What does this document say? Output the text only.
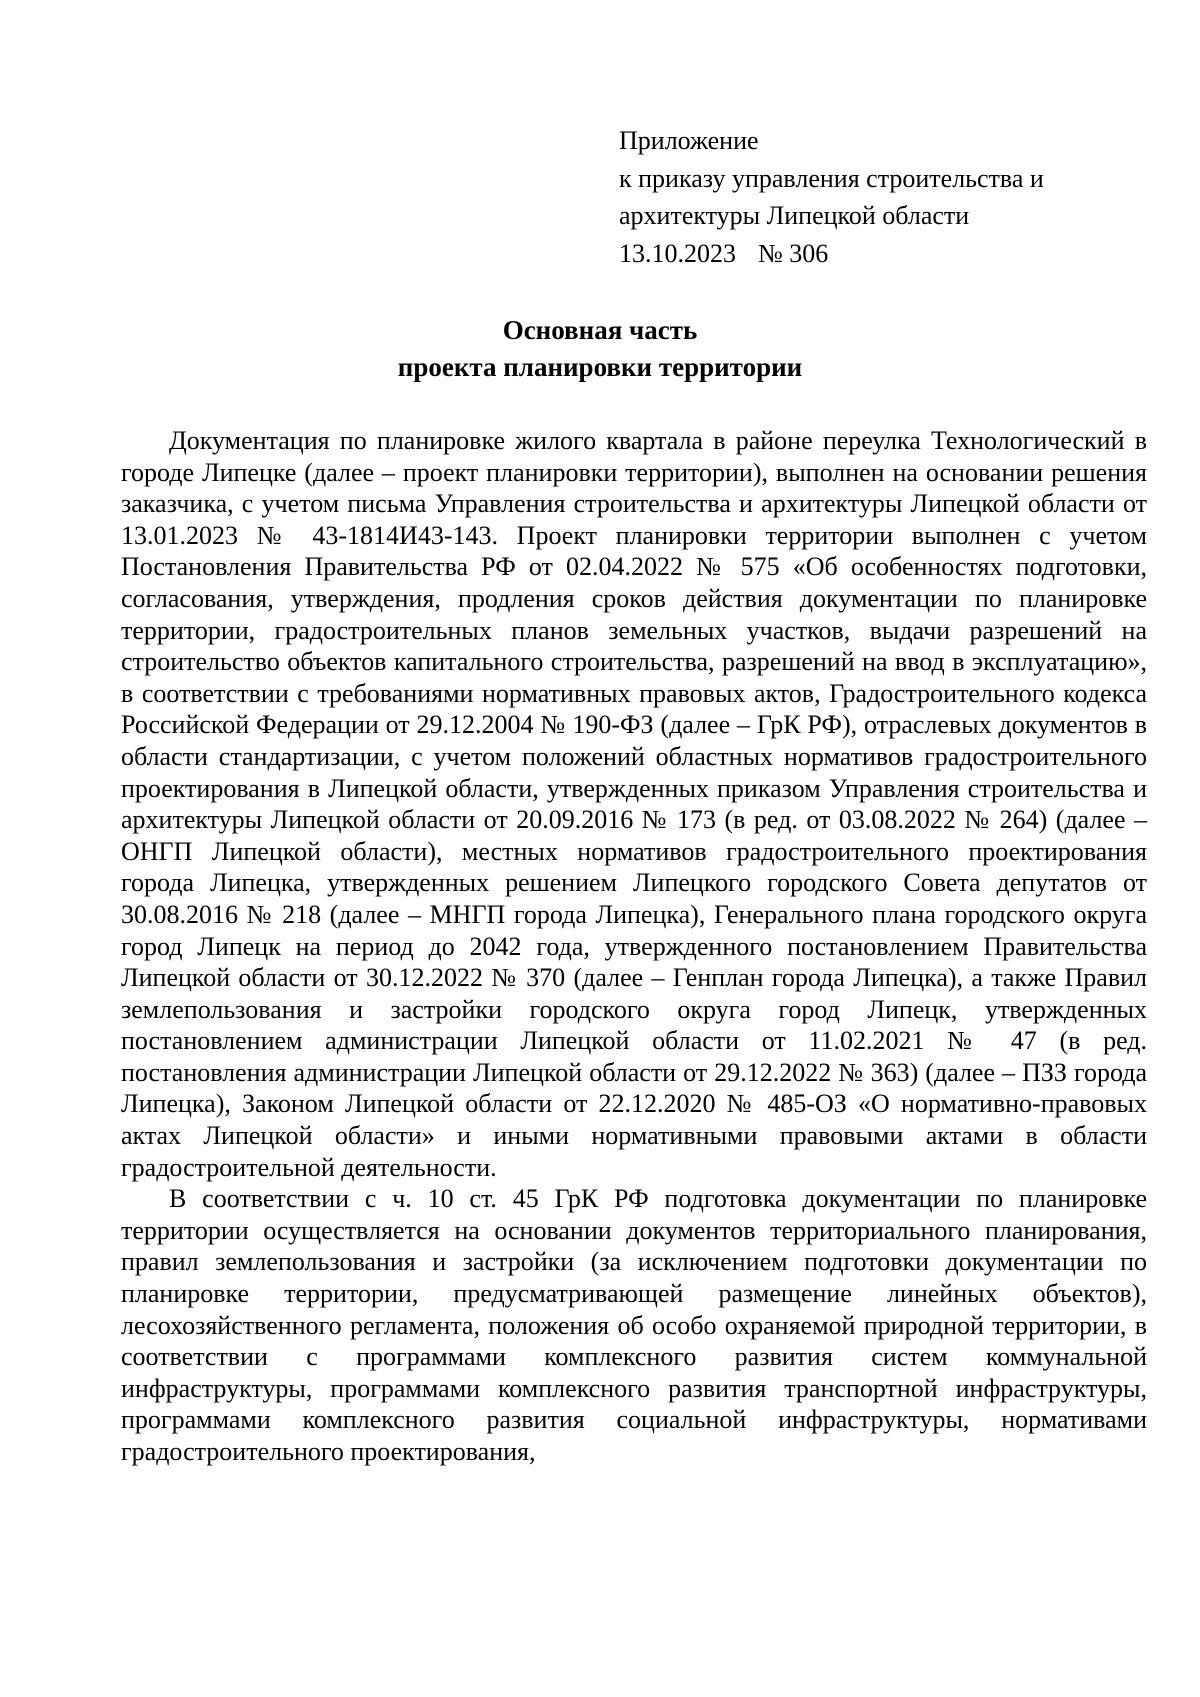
Приложение
к приказу управления строительства и
архитектуры Липецкой области
13.10.2023 № 306
Основная часть
проекта планировки территории

Документация по планировке жилого квартала в районе переулка Технологический в городе Липецке (далее – проект планировки территории), выполнен на основании решения заказчика, с учетом письма Управления строительства и архитектуры Липецкой области от 13.01.2023 № 43-1814И43-143. Проект планировки территории выполнен с учетом Постановления Правительства РФ от 02.04.2022 № 575 «Об особенностях подготовки, согласования, утверждения, продления сроков действия документации по планировке территории, градостроительных планов земельных участков, выдачи разрешений на строительство объектов капитального строительства, разрешений на ввод в эксплуатацию», в соответствии с требованиями нормативных правовых актов, Градостроительного кодекса Российской Федерации от 29.12.2004 № 190-ФЗ (далее – ГрК РФ), отраслевых документов в области стандартизации, с учетом положений областных нормативов градостроительного проектирования в Липецкой области, утвержденных приказом Управления строительства и архитектуры Липецкой области от 20.09.2016 № 173 (в ред. от 03.08.2022 № 264) (далее – ОНГП Липецкой области), местных нормативов градостроительного проектирования города Липецка, утвержденных решением Липецкого городского Совета депутатов от 30.08.2016 № 218 (далее – МНГП города Липецка), Генерального плана городского округа город Липецк на период до 2042 года, утвержденного постановлением Правительства Липецкой области от 30.12.2022 № 370 (далее – Генплан города Липецка), а также Правил землепользования и застройки городского округа город Липецк, утвержденных постановлением администрации Липецкой области от 11.02.2021 № 47 (в ред. постановления администрации Липецкой области от 29.12.2022 № 363) (далее – ПЗЗ города Липецка), Законом Липецкой области от 22.12.2020 № 485-ОЗ «О нормативно-правовых актах Липецкой области» и иными нормативными правовыми актами в области градостроительной деятельности.

В соответствии с ч. 10 ст. 45 ГрК РФ подготовка документации по планировке территории осуществляется на основании документов территориального планирования, правил землепользования и застройки (за исключением подготовки документации по планировке территории, предусматривающей размещение линейных объектов), лесохозяйственного регламента, положения об особо охраняемой природной территории, в соответствии с программами комплексного развития систем коммунальной инфраструктуры, программами комплексного развития транспортной инфраструктуры, программами комплексного развития социальной инфраструктуры, нормативами градостроительного проектирования,
